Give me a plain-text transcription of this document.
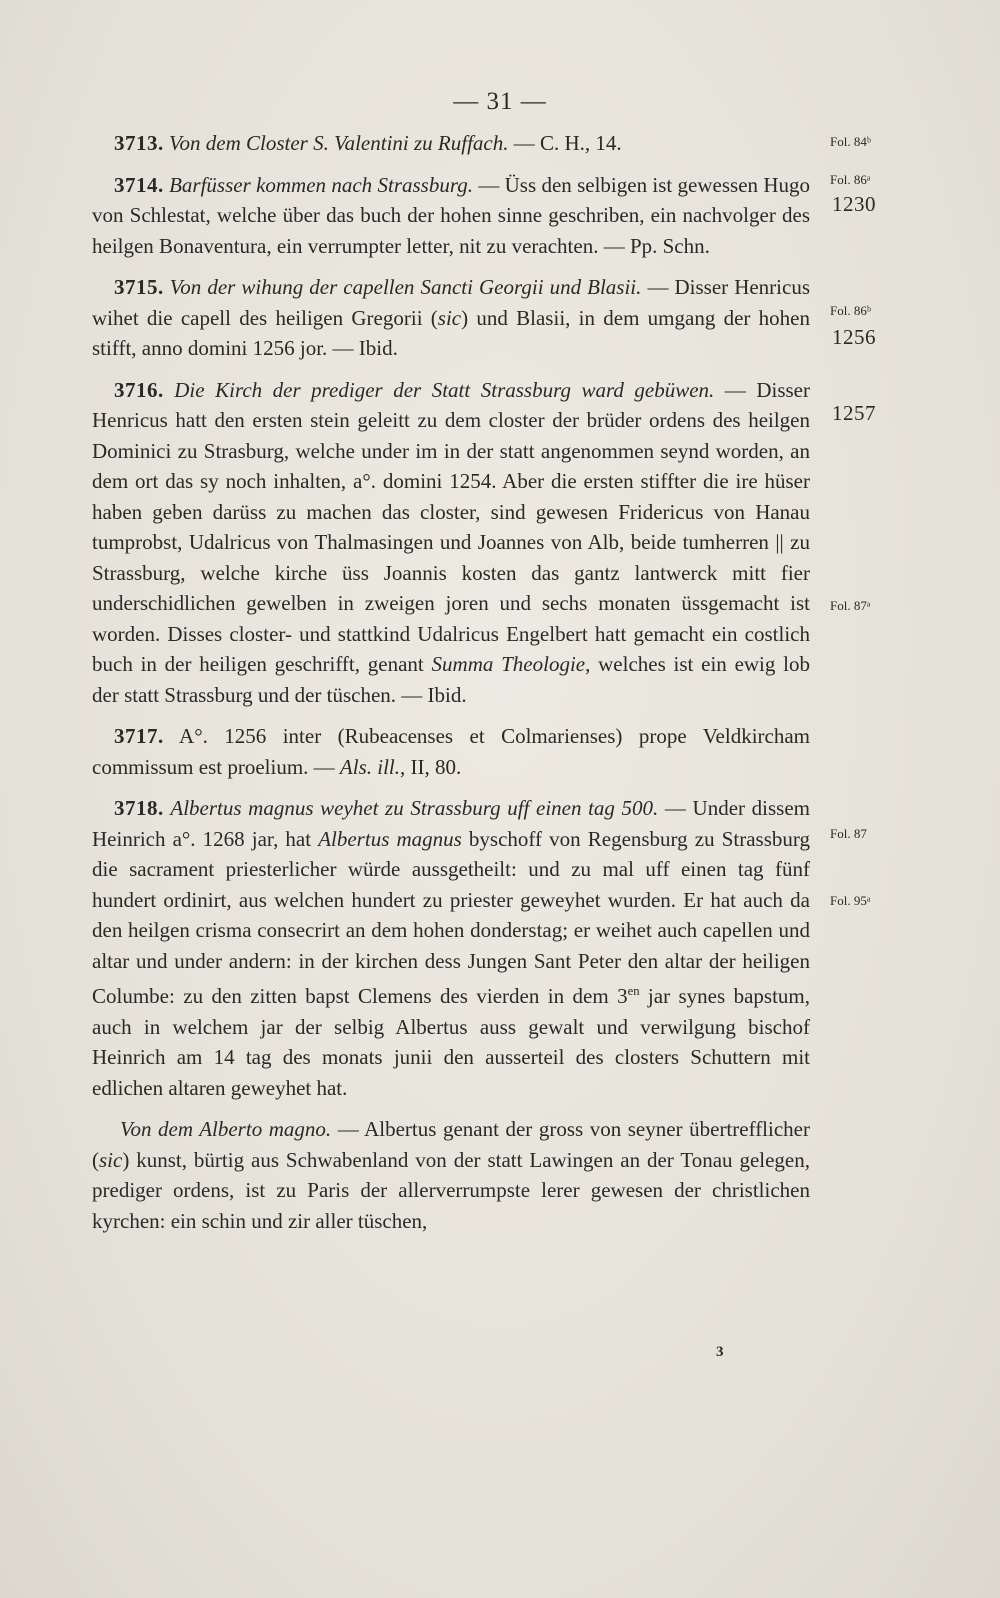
— 31 —

3713. Von dem Closter S. Valentini zu Ruffach. — C. H., 14.

3714. Barfüsser kommen nach Strassburg. — Üss den selbigen ist gewessen Hugo von Schlestat, welche über das buch der hohen sinne geschriben, ein nachvolger des heilgen Bonaventura, ein verrumpter letter, nit zu verachten. — Pp. Schn.

3715. Von der wihung der capellen Sancti Georgii und Blasii. — Disser Henricus wihet die capell des heiligen Gregorii (sic) und Blasii, in dem umgang der hohen stifft, anno domini 1256 jor. — Ibid.

3716. Die Kirch der prediger der Statt Strassburg ward gebüwen. — Disser Henricus hatt den ersten stein geleitt zu dem closter der brüder ordens des heilgen Dominici zu Strasburg, welche under im in der statt angenommen seynd worden, an dem ort das sy noch inhalten, a°. domini 1254. Aber die ersten stiffter die ire hüser haben geben darüss zu machen das closter, sind gewesen Fridericus von Hanau tumprobst, Udalricus von Thalmasingen und Joannes von Alb, beide tumherren || zu Strassburg, welche kirche üss Joannis kosten das gantz lantwerck mitt fier underschidlichen gewelben in zweigen joren und sechs monaten üssgemacht ist worden. Disses closter- und stattkind Udalricus Engelbert hatt gemacht ein costlich buch in der heiligen geschrifft, genant Summa Theologie, welches ist ein ewig lob der statt Strassburg und der tüschen. — Ibid.

3717. A°. 1256 inter (Rubeacenses et Colmarienses) prope Veldkircham commissum est proelium. — Als. ill., II, 80.

3718. Albertus magnus weyhet zu Strassburg uff einen tag 500. — Under dissem Heinrich a°. 1268 jar, hat Albertus magnus byschoff von Regensburg zu Strassburg die sacrament priesterlicher würde aussgetheilt: und zu mal uff einen tag fünf hundert ordinirt, aus welchen hundert zu priester geweyhet wurden. Er hat auch da den heilgen crisma consecrirt an dem hohen donderstag; er weihet auch capellen und altar und under andern: in der kirchen dess Jungen Sant Peter den altar der heiligen Columbe: zu den zitten bapst Clemens des vierden in dem $3^{en}$ jar synes bapstum, auch in welchem jar der selbig Albertus auss gewalt und verwilgung bischof Heinrich am 14 tag des monats junii den ausserteil des closters Schuttern mit edlichen altaren geweyhet hat.

Von dem Alberto magno. — Albertus genant der gross von seyner übertrefflicher (sic) kunst, bürtig aus Schwabenland von der statt Lawingen an der Tonau gelegen, prediger ordens, ist zu Paris der allerverrumpste lerer gewesen der christlichen kyrchen: ein schin und zir aller tüschen,

Fol. 84ᵇ
Fol. 86ᵃ
1230
Fol. 86ᵇ
1256
1257
Fol. 87ᵃ
Fol. 87
Fol. 95ᵃ
3
